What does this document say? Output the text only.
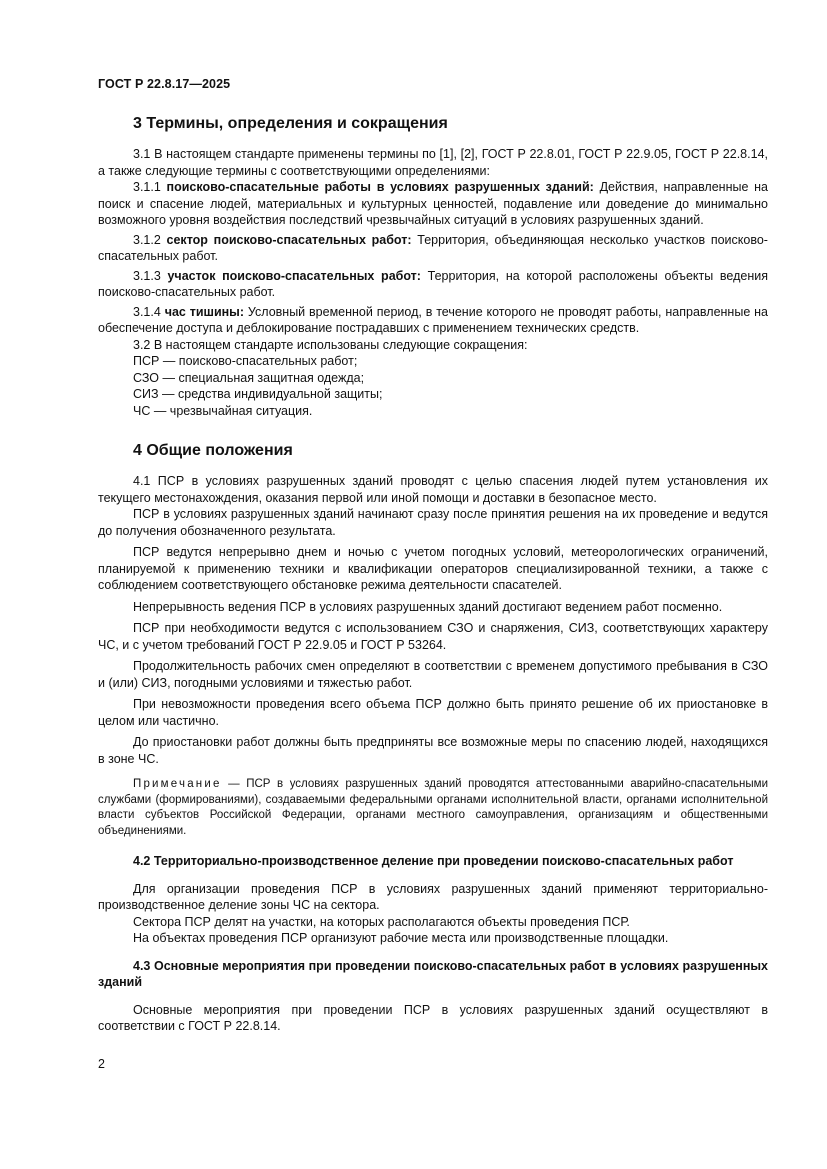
ГОСТ Р 22.8.17—2025

3 Термины, определения и сокращения

3.1 В настоящем стандарте применены термины по [1], [2], ГОСТ Р 22.8.01, ГОСТ Р 22.9.05, ГОСТ Р 22.8.14, а также следующие термины с соответствующими определениями:

3.1.1 поисково-спасательные работы в условиях разрушенных зданий: Действия, направленные на поиск и спасение людей, материальных и культурных ценностей, подавление или доведение до минимально возможного уровня воздействия последствий чрезвычайных ситуаций в условиях разрушенных зданий.

3.1.2 сектор поисково-спасательных работ: Территория, объединяющая несколько участков поисково-спасательных работ.

3.1.3 участок поисково-спасательных работ: Территория, на которой расположены объекты ведения поисково-спасательных работ.

3.1.4 час тишины: Условный временной период, в течение которого не проводят работы, направленные на обеспечение доступа и деблокирование пострадавших с применением технических средств.

3.2 В настоящем стандарте использованы следующие сокращения:

ПСР — поисково-спасательных работ;

СЗО — специальная защитная одежда;

СИЗ — средства индивидуальной защиты;

ЧС — чрезвычайная ситуация.

4 Общие положения

4.1 ПСР в условиях разрушенных зданий проводят с целью спасения людей путем установления их текущего местонахождения, оказания первой или иной помощи и доставки в безопасное место.

ПСР в условиях разрушенных зданий начинают сразу после принятия решения на их проведение и ведутся до получения обозначенного результата.

ПСР ведутся непрерывно днем и ночью с учетом погодных условий, метеорологических ограничений, планируемой к применению техники и квалификации операторов специализированной техники, а также с соблюдением соответствующего обстановке режима деятельности спасателей.

Непрерывность ведения ПСР в условиях разрушенных зданий достигают ведением работ посменно.

ПСР при необходимости ведутся с использованием СЗО и снаряжения, СИЗ, соответствующих характеру ЧС, и с учетом требований ГОСТ Р 22.9.05 и ГОСТ Р 53264.

Продолжительность рабочих смен определяют в соответствии с временем допустимого пребывания в СЗО и (или) СИЗ, погодными условиями и тяжестью работ.

При невозможности проведения всего объема ПСР должно быть принято решение об их приостановке в целом или частично.

До приостановки работ должны быть предприняты все возможные меры по спасению людей, находящихся в зоне ЧС.

Примечание — ПСР в условиях разрушенных зданий проводятся аттестованными аварийно-спасательными службами (формированиями), создаваемыми федеральными органами исполнительной власти, органами исполнительной власти субъектов Российской Федерации, органами местного самоуправления, организациям и общественными объединениями.

4.2 Территориально-производственное деление при проведении поисково-спасательных работ

Для организации проведения ПСР в условиях разрушенных зданий применяют территориально-производственное деление зоны ЧС на сектора.

Сектора ПСР делят на участки, на которых располагаются объекты проведения ПСР.

На объектах проведения ПСР организуют рабочие места или производственные площадки.

4.3 Основные мероприятия при проведении поисково-спасательных работ в условиях разрушенных зданий

Основные мероприятия при проведении ПСР в условиях разрушенных зданий осуществляют в соответствии с ГОСТ Р 22.8.14.

2
